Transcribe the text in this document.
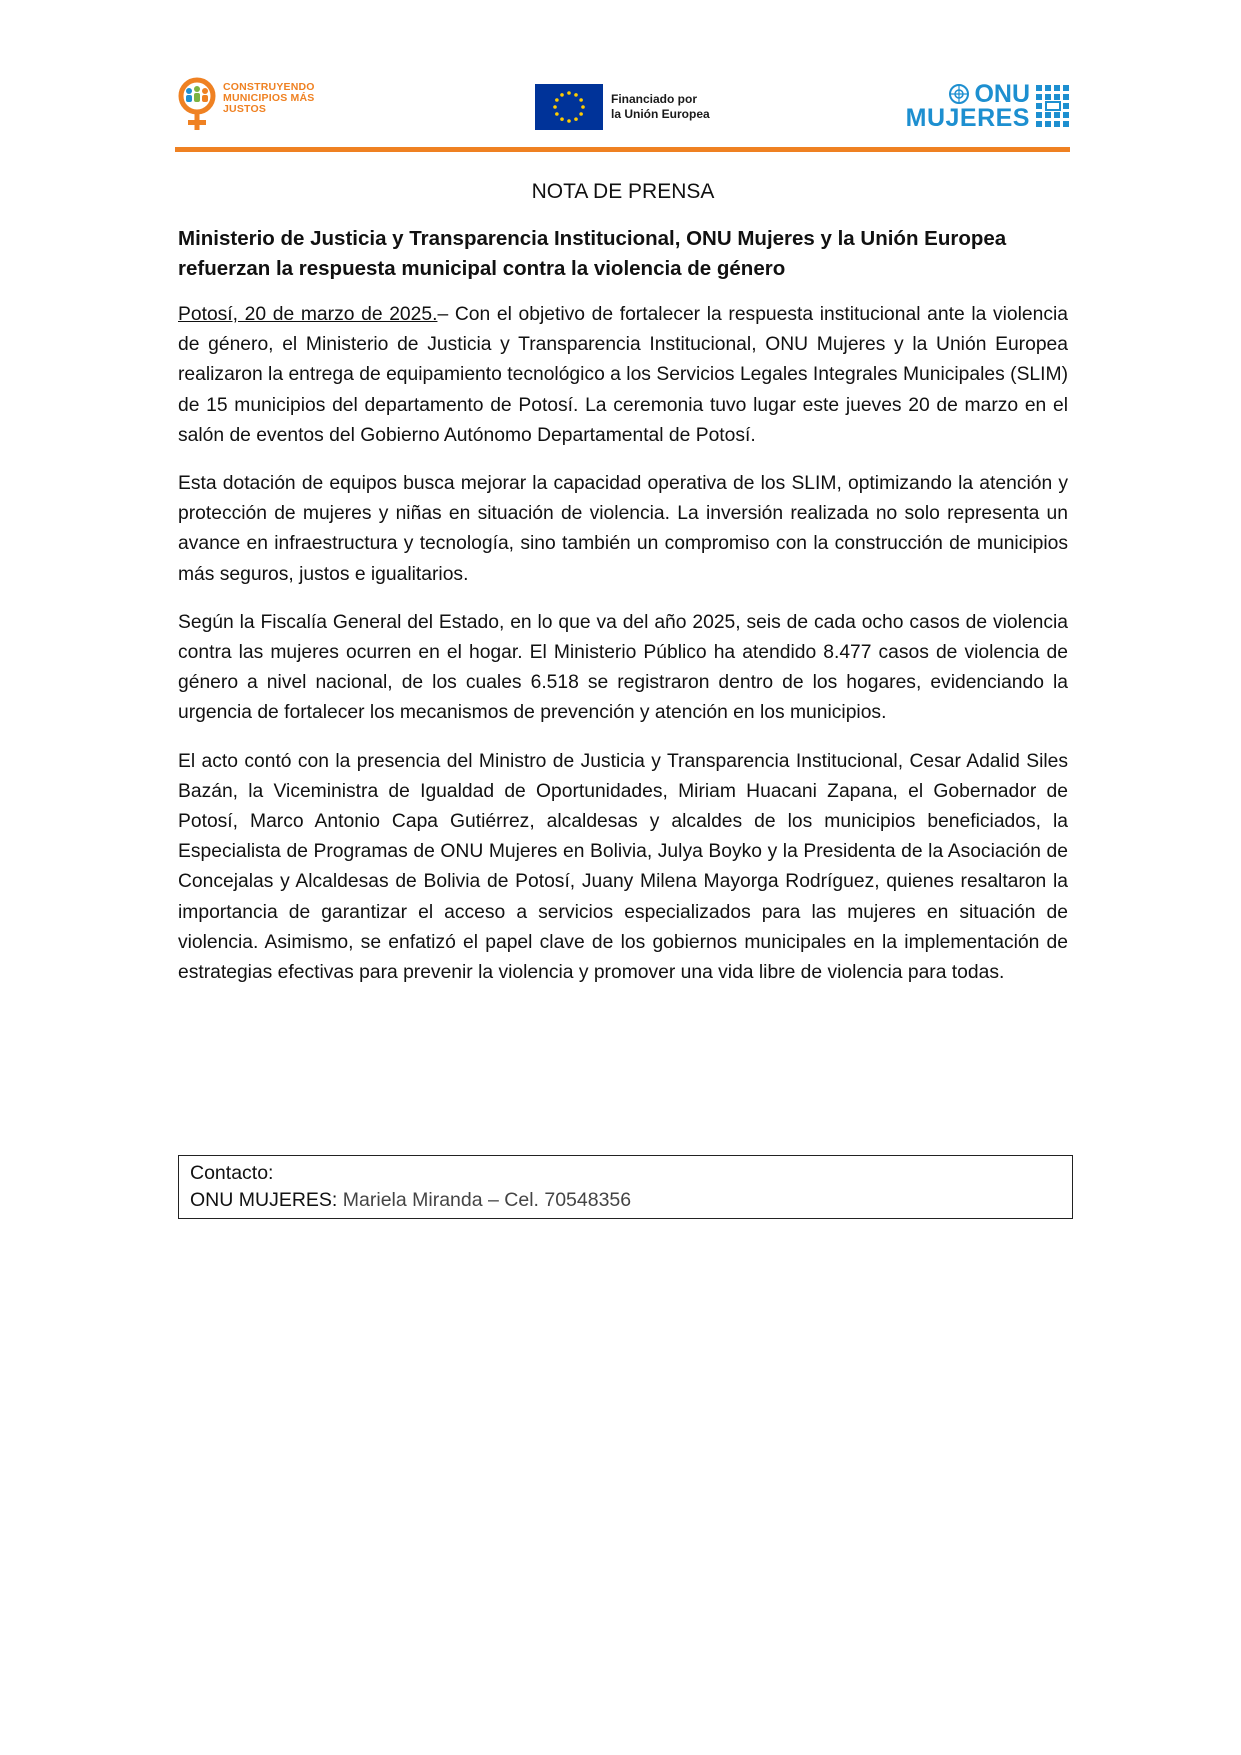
CONSTRUYENDO
MUNICIPIOS MÁS
JUSTOS
Financiado por
la Unión Europea
ONU
MUJERES
NOTA DE PRENSA
Ministerio de Justicia y Transparencia Institucional, ONU Mujeres y la Unión Europea refuerzan la respuesta municipal contra la violencia de género

Potosí, 20 de marzo de 2025.– Con el objetivo de fortalecer la respuesta institucional ante la violencia de género, el Ministerio de Justicia y Transparencia Institucional, ONU Mujeres y la Unión Europea realizaron la entrega de equipamiento tecnológico a los Servicios Legales Integrales Municipales (SLIM) de 15 municipios del departamento de Potosí. La ceremonia tuvo lugar este jueves 20 de marzo en el salón de eventos del Gobierno Autónomo Departamental de Potosí.

Esta dotación de equipos busca mejorar la capacidad operativa de los SLIM, optimizando la atención y protección de mujeres y niñas en situación de violencia. La inversión realizada no solo representa un avance en infraestructura y tecnología, sino también un compromiso con la construcción de municipios más seguros, justos e igualitarios.

Según la Fiscalía General del Estado, en lo que va del año 2025, seis de cada ocho casos de violencia contra las mujeres ocurren en el hogar. El Ministerio Público ha atendido 8.477 casos de violencia de género a nivel nacional, de los cuales 6.518 se registraron dentro de los hogares, evidenciando la urgencia de fortalecer los mecanismos de prevención y atención en los municipios.

El acto contó con la presencia del Ministro de Justicia y Transparencia Institucional, Cesar Adalid Siles Bazán, la Viceministra de Igualdad de Oportunidades, Miriam Huacani Zapana, el Gobernador de Potosí, Marco Antonio Capa Gutiérrez, alcaldesas y alcaldes de los municipios beneficiados, la Especialista de Programas de ONU Mujeres en Bolivia, Julya Boyko y la Presidenta de la Asociación de Concejalas y Alcaldesas de Bolivia de Potosí, Juany Milena Mayorga Rodríguez, quienes resaltaron la importancia de garantizar el acceso a servicios especializados para las mujeres en situación de violencia. Asimismo, se enfatizó el papel clave de los gobiernos municipales en la implementación de estrategias efectivas para prevenir la violencia y promover una vida libre de violencia para todas.

Contacto:
ONU MUJERES: Mariela Miranda – Cel. 70548356
